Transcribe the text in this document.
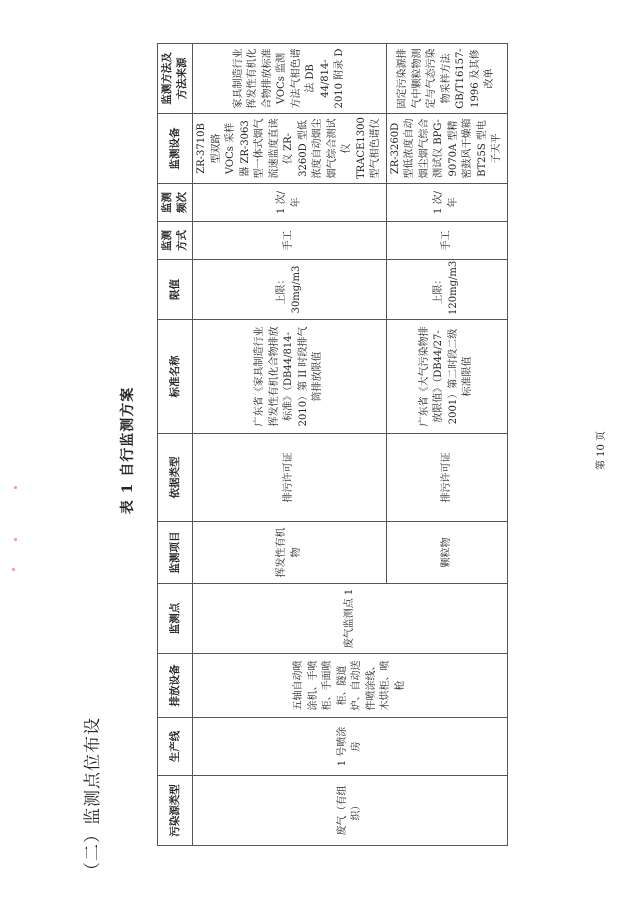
（二）监测点位布设
表 1 自行监测方案
污染源类型	生产线	排放设备	监测点	监测项目	依据类型	标准名称	限值	监测方式	监测频次	监测设备	监测方法及方法来源
废气（有组织）	1 号喷涂房	五轴自动喷涂机、手喷柜、手面喷柜、隧道炉、自动送件喷涂线、木烘柜、喷枪	废气监测点 1	挥发性有机物	排污许可证	广东省《家具制造行业挥发性有机化合物排放标准》（DB44/814-2010）第 II 时段排气筒排放限值	上限：30mg/m3	手工	1 次/年	ZR-3710B 型双路 VOCs 采样器 ZR-3063 型一体式烟气流速监度直读仪 ZR-3260D 型低浓度自动烟尘烟气综合测试仪 TRACE1300 型气相色谱仪	家具制造行业挥发性有机化合物排放标准 VOCs 监测方法气相色谱法 DB 44/814-2010 附录 D
				颗粒物	排污许可证	广东省《大气污染物排放限值》（DB44/27-2001）第二时段二级标准限值	上限：120mg/m3	手工	1 次/年	ZR-3260D 型低浓度自动烟尘烟气综合测试仪 BPG-9070A 型精密鼓风干燥箱 BT25S 型电子天平	固定污染源排气中颗粒物测定与气态污染物采样方法 GB/T16157-1996 及其修改单
第 10 页
